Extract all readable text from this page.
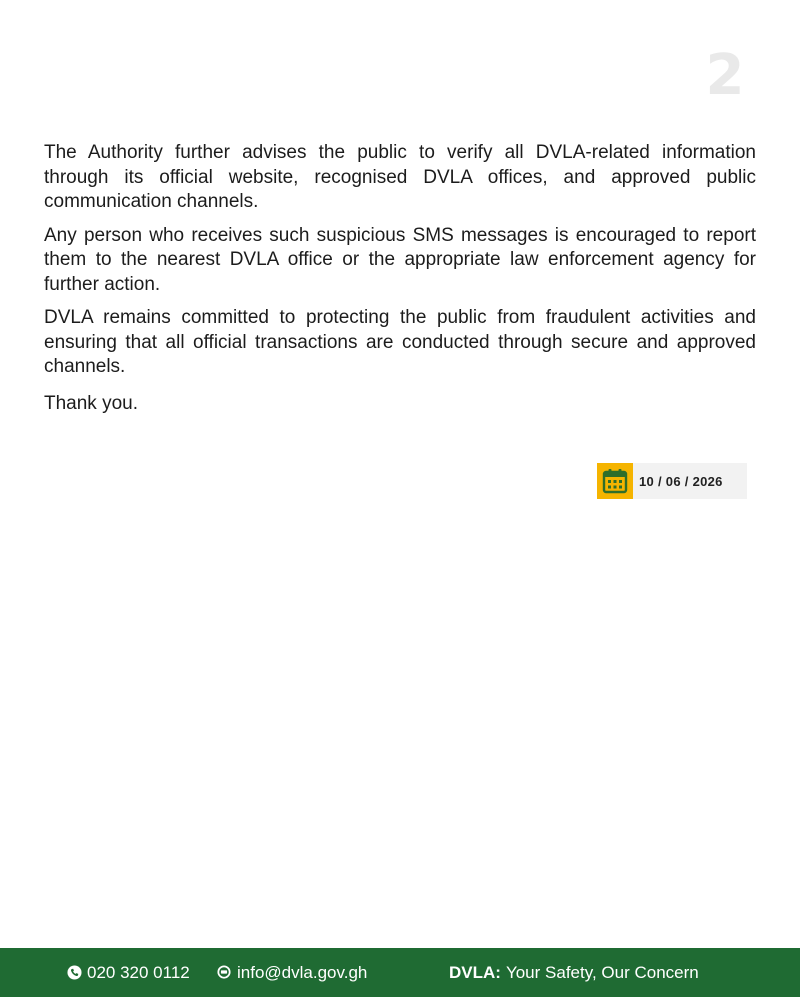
2

The Authority further advises the public to verify all DVLA-related information through its official website, recognised DVLA offices, and approved public communication channels.

Any person who receives such suspicious SMS messages is encouraged to report them to the nearest DVLA office or the appropriate law enforcement agency for further action.

DVLA remains committed to protecting the public from fraudulent activities and ensuring that all official transactions are conducted through secure and approved channels.

Thank you.

10 / 06 / 2026
020 320 0112	info@dvla.gov.gh	DVLA: Your Safety, Our Concern
